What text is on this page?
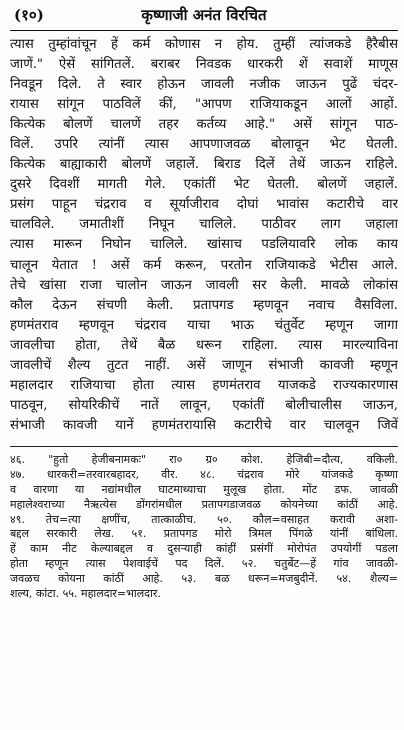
(१०)	कृष्णाजी अनंत विरचित
त्यास तुम्हांवांचून हें कर्म कोणास न होय. तुम्हीं त्यांजकडे हैरैबीस
जाणें." ऐसें सांगितलें. बराबर निवडक धारकरी शें सवाशें माणूस
निवडून दिले. ते स्वार होऊन जावली नजीक जाऊन पुढें चंदर-
रायास सांगून पाठविलें कीं, "आपण राजियाकडून आलों आहों.
कित्येक बोलणें चालणें तहर कर्तव्य आहे." असें सांगून पाठ-
विलें. उपरि त्यांनीं त्यास आपणाजवळ बोलावून भेट घेतली.
कित्येक बाह्याकारी बोलणें जहालें. बिराड दिलें तेथें जाऊन राहिले.
दुसरे दिवशीं मागती गेले. एकांतीं भेट घेतली. बोलणें जहालें.
प्रसंग पाहून चंद्रराव व सूर्याजीराव दोघां भावांस कटारीचे वार
चालविले. जमातीशीं निघून चालिले. पाठीवर लाग जहाला
त्यास मारून निघोन चालिले. खांसाच पडलियावरि लोक काय
चालून येतात ! असें कर्म करून, परतोन राजियाकडे भेटीस आले.
तेचे खांसा राजा चालोन जाऊन जावली सर केली. मावळे लोकांस
कौल देऊन संचणी केली. प्रतापगड म्हणवून नवाच वैसविला.
हणमंतराव म्हणवून चंद्रराव याचा भाऊ चंतुर्वेट म्हणून जागा
जावलीचा होता, तेथें बैळ धरून राहिला. त्यास मारल्याविना
जावलीचें शैल्य तुटत नाहीं. असें जाणून संभाजी कावजी म्हणून
महालदार राजियाचा होता त्यास हणमंतराव याजकडे राज्यकारणास
पाठवून, सोयरिकीचें नातें लावून, एकांतीं बोलीचालीस जाऊन,
संभाजी कावजी यानें हणमंतरायासि कटारीचे वार चालवून जिवें
४६. "हुतो हेजीबनामकः" रा० ग्र० कोश. हेजिबी=दौत्य, वकिली.
४७. धारकरी=तरवारबहादर, वीर. ४८. चंद्रराव मोरे यांजकडे कृष्णा
व वारणा या नद्यांमधील घाटमाथ्याचा मुलूख होता. मोंट डफ. जावळी
महालेश्वराच्या नैऋत्येस डोंगरांमधील प्रतापगडाजवळ कोयनेच्या कांठीं आहे.
४९. तेच=त्या क्षणींच, तात्काळीच. ५०. कौल=वसाहत करावी अशा-
बद्दल सरकारी लेख. ५१. प्रतापगड मोरो त्रिमल पिंगळे यांनीं बांधिला.
हें काम नीट केल्याबद्दल व दुसऱ्याही कांहीं प्रसंगीं मोरोपंत उपयोगीं पडला
होता म्हणून त्यास पेशवाईचें पद दिलें. ५२. चतुर्बेट—हें गांव जावळी-
जवळच कोयना कांठीं आहे. ५३. बळ धरून=मजबुदीनें. ५४. शैल्य=
शल्य, कांटा. ५५. महालदार=भालदार.
